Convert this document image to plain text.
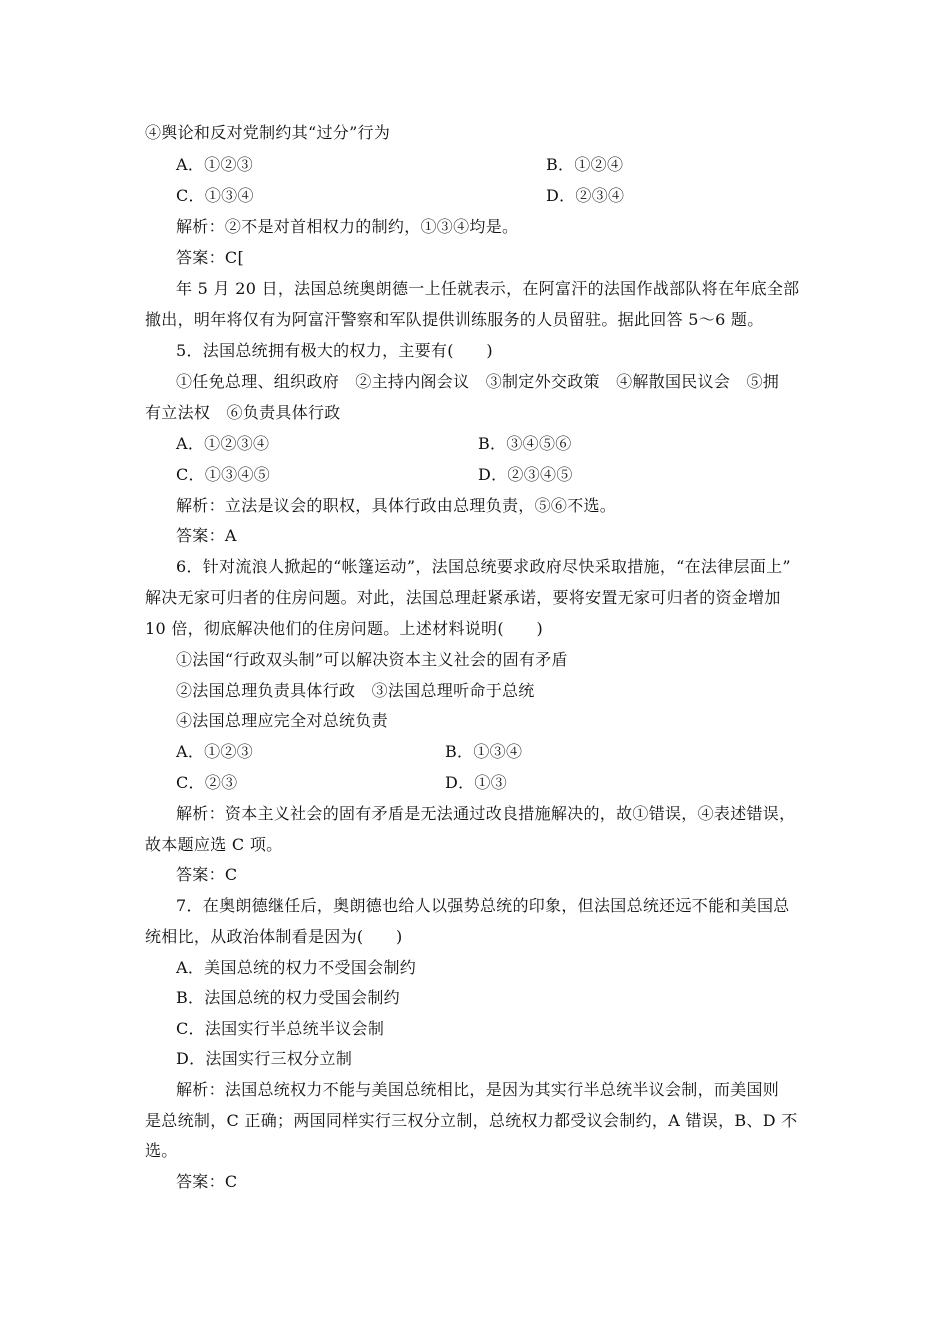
④舆论和反对党制约其“过分”行为
A．①②③	B．①②④
C．①③④	D．②③④
解析：②不是对首相权力的制约，①③④均是。
答案：C[
年 5 月 20 日，法国总统奥朗德一上任就表示，在阿富汗的法国作战部队将在年底全部
撤出，明年将仅有为阿富汗警察和军队提供训练服务的人员留驻。据此回答 5～6 题。
5．法国总统拥有极大的权力，主要有(　　)
①任免总理、组织政府　②主持内阁会议　③制定外交政策　④解散国民议会　⑤拥
有立法权　⑥负责具体行政
A．①②③④	B．③④⑤⑥
C．①③④⑤	D．②③④⑤
解析：立法是议会的职权，具体行政由总理负责，⑤⑥不选。
答案：A
6．针对流浪人掀起的“帐篷运动”，法国总统要求政府尽快采取措施，“在法律层面上”
解决无家可归者的住房问题。对此，法国总理赶紧承诺，要将安置无家可归者的资金增加
10 倍，彻底解决他们的住房问题。上述材料说明(　　)
①法国“行政双头制”可以解决资本主义社会的固有矛盾
②法国总理负责具体行政　③法国总理听命于总统
④法国总理应完全对总统负责
A．①②③	B．①③④
C．②③	D．①③
解析：资本主义社会的固有矛盾是无法通过改良措施解决的，故①错误，④表述错误，
故本题应选 C 项。
答案：C
7．在奥朗德继任后，奥朗德也给人以强势总统的印象，但法国总统还远不能和美国总
统相比，从政治体制看是因为(　　)
A．美国总统的权力不受国会制约
B．法国总统的权力受国会制约
C．法国实行半总统半议会制
D．法国实行三权分立制
解析：法国总统权力不能与美国总统相比，是因为其实行半总统半议会制，而美国则
是总统制，C 正确；两国同样实行三权分立制，总统权力都受议会制约，A 错误，B、D 不
选。
答案：C
